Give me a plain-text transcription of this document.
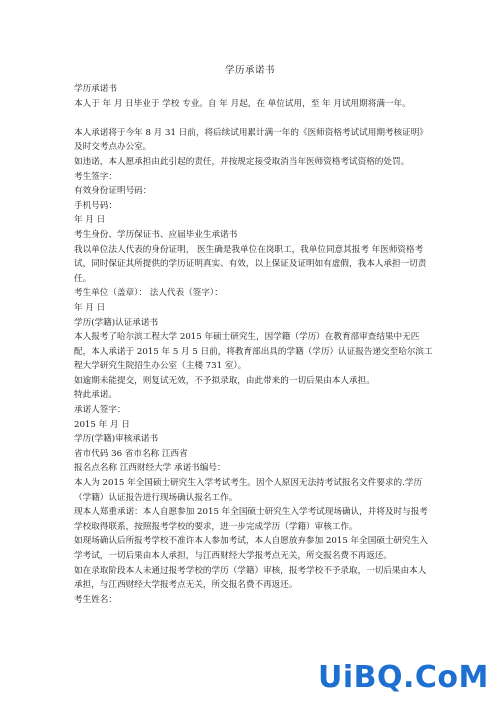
学历承诺书

学历承诺书

本人于 年 月 日毕业于 学校 专业。自 年 月起，在 单位试用，至 年 月试用期将满一年。

本人承诺将于今年 8 月 31 日前，将后续试用累计满一年的《医师资格考试试用期考核证明》及时交考点办公室。

如违诺，本人愿承担由此引起的责任，并按规定接受取消当年医师资格考试资格的处罚。

考生签字：

有效身份证明号码：

手机号码：

年 月 日

考生身份、学历保证书、应届毕业生承诺书

我以单位法人代表的身份证明， 医生确是我单位在岗职工，我单位同意其报考 年医师资格考试，同时保证其所提供的学历证明真实、有效，以上保证及证明如有虚假，我本人承担一切责任。

考生单位（盖章）： 法人代表（签字）：

年 月 日

学历(学籍)认证承诺书

本人报考了哈尔滨工程大学 2015 年硕士研究生，因学籍（学历）在教育部审查结果中无匹配，本人承诺于 2015 年 5 月 5 日前，将教育部出具的学籍（学历）认证报告递交至哈尔滨工程大学研究生院招生办公室（主楼 731 室）。

如逾期未能提交，则复试无效，不予拟录取，由此带来的一切后果由本人承担。

特此承诺。

承诺人签字：

2015 年 月 日

学历(学籍)审核承诺书

省市代码 36 省市名称 江西省

报名点名称 江西财经大学 承诺书编号：

本人为 2015 年全国硕士研究生入学考试考生。因个人原因无法持考试报名文件要求的.学历（学籍）认证报告进行现场确认报名工作。

现本人郑重承诺：本人自愿参加 2015 年全国硕士研究生入学考试现场确认，并将及时与报考学校取得联系，按照报考学校的要求，进一步完成学历（学籍）审核工作。

如现场确认后所报考学校不准许本人参加考试，本人自愿放弃参加 2015 年全国硕士研究生入学考试，一切后果由本人承担，与江西财经大学报考点无关，所交报名费不再返还。

如在录取阶段本人未通过报考学校的学历（学籍）审核，报考学校不予录取，一切后果由本人承担，与江西财经大学报考点无关，所交报名费不再返还。

考生姓名：

UiBQ.CoM
